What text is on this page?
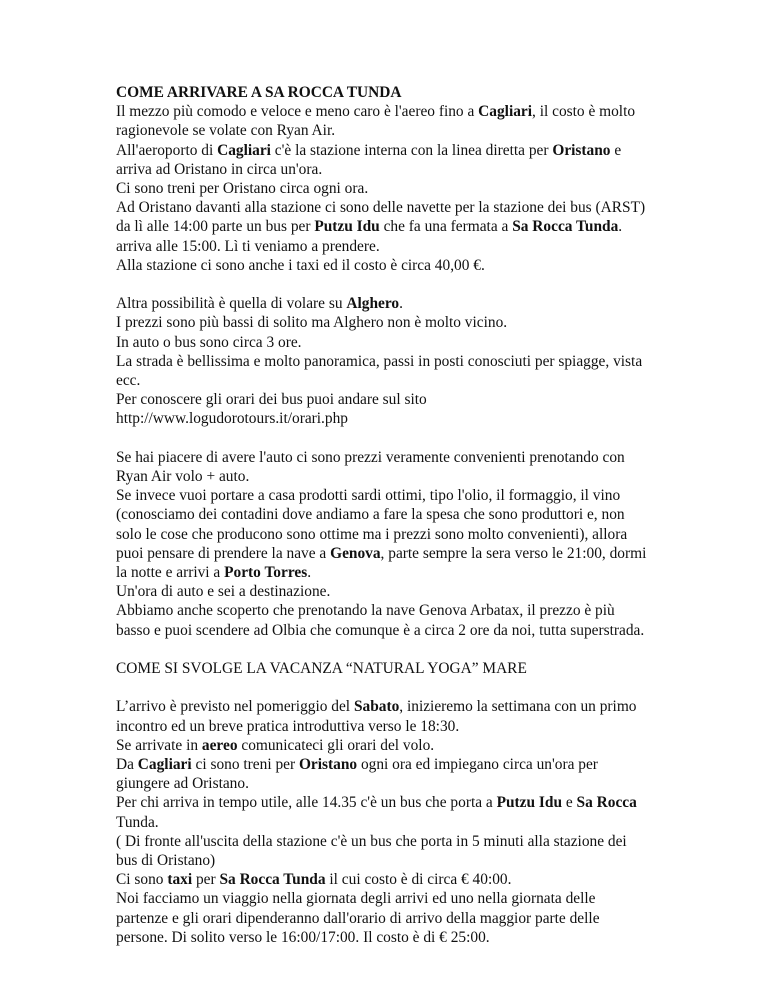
COME ARRIVARE A SA ROCCA TUNDA
Il mezzo più comodo e veloce e meno caro è l'aereo fino a Cagliari, il costo è molto
ragionevole se volate con Ryan Air.
All'aeroporto di Cagliari c'è la stazione interna con la linea diretta per Oristano e
arriva ad Oristano in circa un'ora.
Ci sono treni per Oristano circa ogni ora.
Ad Oristano davanti alla stazione ci sono delle navette per la stazione dei bus (ARST)
da lì alle 14:00 parte un bus per Putzu Idu che fa una fermata a Sa Rocca Tunda.
arriva alle 15:00. Lì ti veniamo a prendere.
Alla stazione ci sono anche i taxi ed il costo è circa 40,00 €.
Altra possibilità è quella di volare su Alghero.
I prezzi sono più bassi di solito ma Alghero non è molto vicino.
In auto o bus sono circa 3 ore.
La strada è bellissima e molto panoramica, passi in posti conosciuti per spiagge, vista
ecc.
Per conoscere gli orari dei bus puoi andare sul sito
http://www.logudorotours.it/orari.php
Se hai piacere di avere l'auto ci sono prezzi veramente convenienti prenotando con
Ryan Air volo + auto.
Se invece vuoi portare a casa prodotti sardi ottimi, tipo l'olio, il formaggio, il vino
(conosciamo dei contadini dove andiamo a fare la spesa che sono produttori e, non
solo le cose che producono sono ottime ma i prezzi sono molto convenienti), allora
puoi pensare di prendere la nave a Genova, parte sempre la sera verso le 21:00, dormi
la notte e arrivi a Porto Torres.
Un'ora di auto e sei a destinazione.
Abbiamo anche scoperto che prenotando la nave Genova Arbatax, il prezzo è più
basso e puoi scendere ad Olbia che comunque è a circa 2 ore da noi, tutta superstrada.
COME SI SVOLGE LA VACANZA “NATURAL YOGA” MARE
L’arrivo è previsto nel pomeriggio del Sabato, inizieremo la settimana con un primo
incontro ed un breve pratica introduttiva verso le 18:30.
Se arrivate in aereo comunicateci gli orari del volo.
Da Cagliari ci sono treni per Oristano ogni ora ed impiegano circa un'ora per
giungere ad Oristano.
Per chi arriva in tempo utile, alle 14.35 c'è un bus che porta a Putzu Idu e Sa Rocca
Tunda.
( Di fronte all'uscita della stazione c'è un bus che porta in 5 minuti alla stazione dei
bus di Oristano)
Ci sono taxi per Sa Rocca Tunda il cui costo è di circa € 40:00.
Noi facciamo un viaggio nella giornata degli arrivi ed uno nella giornata delle
partenze e gli orari dipenderanno dall'orario di arrivo della maggior parte delle
persone. Di solito verso le 16:00/17:00. Il costo è di € 25:00.
